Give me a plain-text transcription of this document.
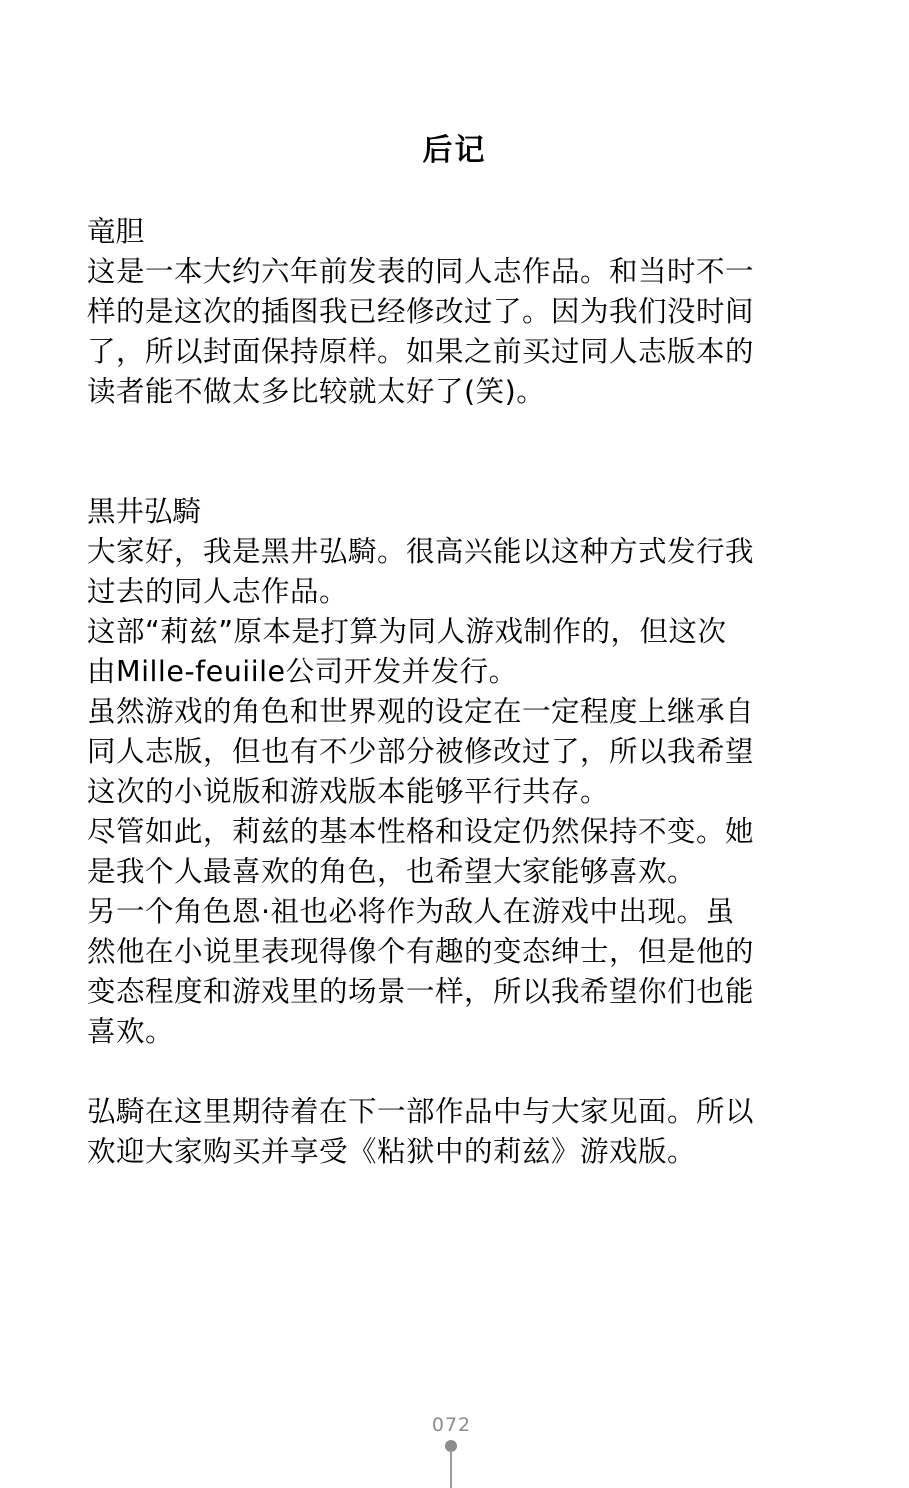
后记
竜胆
这是一本大约六年前发表的同人志作品。和当时不一
样的是这次的插图我已经修改过了。因为我们没时间
了，所以封面保持原样。如果之前买过同人志版本的
读者能不做太多比较就太好了(笑)。
黒井弘騎
大家好，我是黑井弘騎。很高兴能以这种方式发行我
过去的同人志作品。
这部“莉兹”原本是打算为同人游戏制作的，但这次
由Mille-feuiile公司开发并发行。
虽然游戏的角色和世界观的设定在一定程度上继承自
同人志版，但也有不少部分被修改过了，所以我希望
这次的小说版和游戏版本能够平行共存。
尽管如此，莉兹的基本性格和设定仍然保持不变。她
是我个人最喜欢的角色，也希望大家能够喜欢。
另一个角色恩·祖也必将作为敌人在游戏中出现。虽
然他在小说里表现得像个有趣的变态绅士，但是他的
变态程度和游戏里的场景一样，所以我希望你们也能
喜欢。
弘騎在这里期待着在下一部作品中与大家见面。所以
欢迎大家购买并享受《粘狱中的莉兹》游戏版。
072
